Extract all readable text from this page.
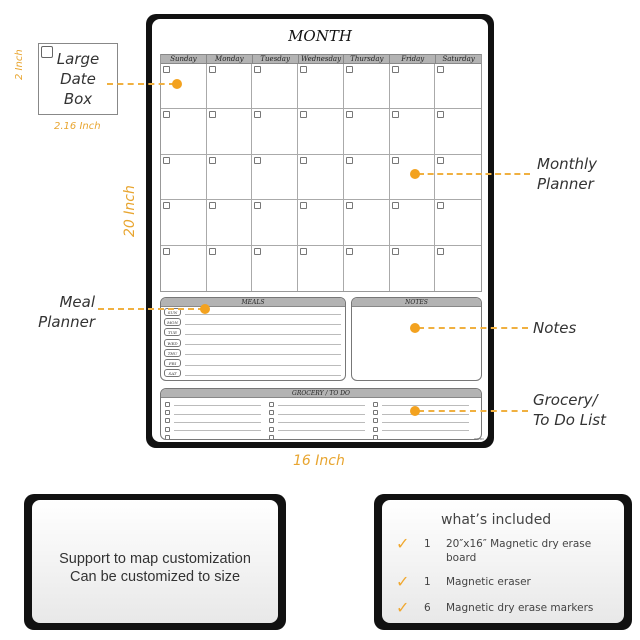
Large
Date
Box
2 Inch
2.16 Inch
20 Inch
16 Inch
MONTH
Sunday	Monday	Tuesday	Wednesday	Thursday	Friday	Saturday
MEALS
SUN
MON
TUE
WED
THU
FRI
SAT
NOTES
GROCERY / TO DO
ERPBV
Monthly
Planner
Meal
Planner	Notes
Grocery/
To Do List
Support to map customization
Can be customized to size
what’s included
✓	1	20″x16″ Magnetic dry erase
board
✓	1	Magnetic eraser
✓	6	Magnetic dry erase markers
